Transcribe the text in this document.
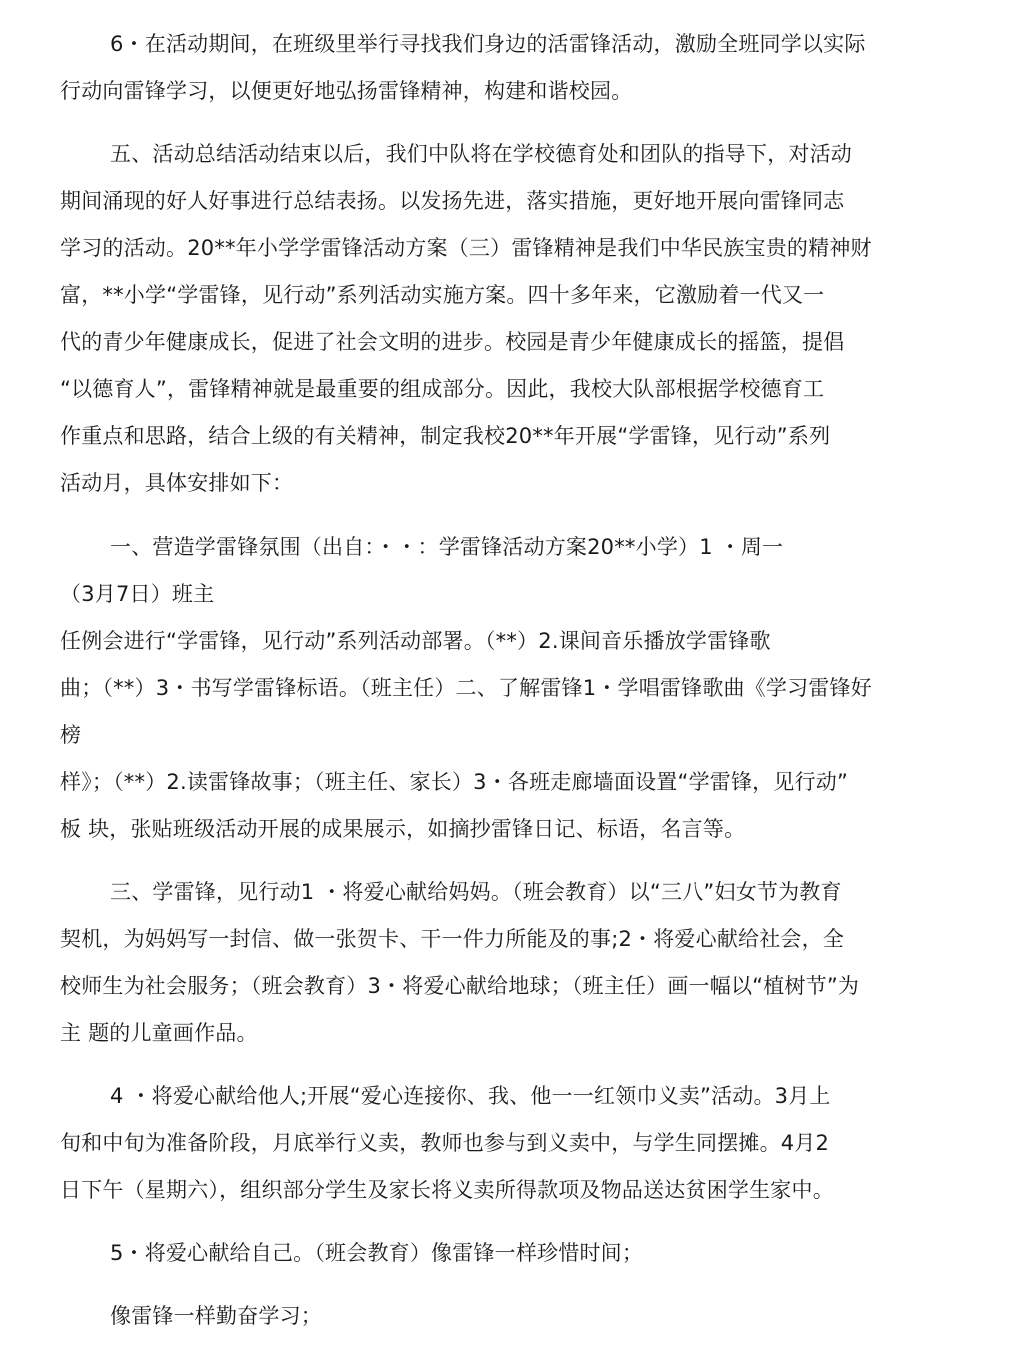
6・在活动期间，在班级里举行寻找我们身边的活雷锋活动，激励全班同学以实际
行动向雷锋学习，以便更好地弘扬雷锋精神，构建和谐校园。
五、活动总结活动结束以后，我们中队将在学校德育处和团队的指导下，对活动
期间涌现的好人好事进行总结表扬。以发扬先进，落实措施，更好地开展向雷锋同志
学习的活动。20**年小学学雷锋活动方案（三）雷锋精神是我们中华民族宝贵的精神财
富，**小学“学雷锋，见行动”系列活动实施方案。四十多年来，它激励着一代又一
代的青少年健康成长，促进了社会文明的进步。校园是青少年健康成长的摇篮，提倡
“以德育人”，雷锋精神就是最重要的组成部分。因此，我校大队部根据学校德育工
作重点和思路，结合上级的有关精神，制定我校20**年开展“学雷锋，见行动”系列
活动月，具体安排如下：
一、营造学雷锋氛围（出自：・・：学雷锋活动方案20**小学）1 ・周一
（3月7日）班主
任例会进行“学雷锋，见行动”系列活动部署。（**）2.课间音乐播放学雷锋歌
曲；（**）3・书写学雷锋标语。（班主任）二、了解雷锋1・学唱雷锋歌曲《学习雷锋好
榜
样》；（**）2.读雷锋故事；（班主任、家长）3・各班走廊墙面设置“学雷锋，见行动”
板 块，张贴班级活动开展的成果展示，如摘抄雷锋日记、标语，名言等。
三、学雷锋，见行动1 ・将爱心献给妈妈。（班会教育）以“三八”妇女节为教育
契机，为妈妈写一封信、做一张贺卡、干一件力所能及的事;2・将爱心献给社会，全
校师生为社会服务；（班会教育）3・将爱心献给地球；（班主任）画一幅以“植树节”为
主 题的儿童画作品。
4 ・将爱心献给他人;开展“爱心连接你、我、他一一红领巾义卖”活动。3月上
旬和中旬为准备阶段，月底举行义卖，教师也参与到义卖中，与学生同摆摊。4月2
日下午（星期六），组织部分学生及家长将义卖所得款项及物品送达贫困学生家中。
5・将爱心献给自己。（班会教育）像雷锋一样珍惜时间；
像雷锋一样勤奋学习；
